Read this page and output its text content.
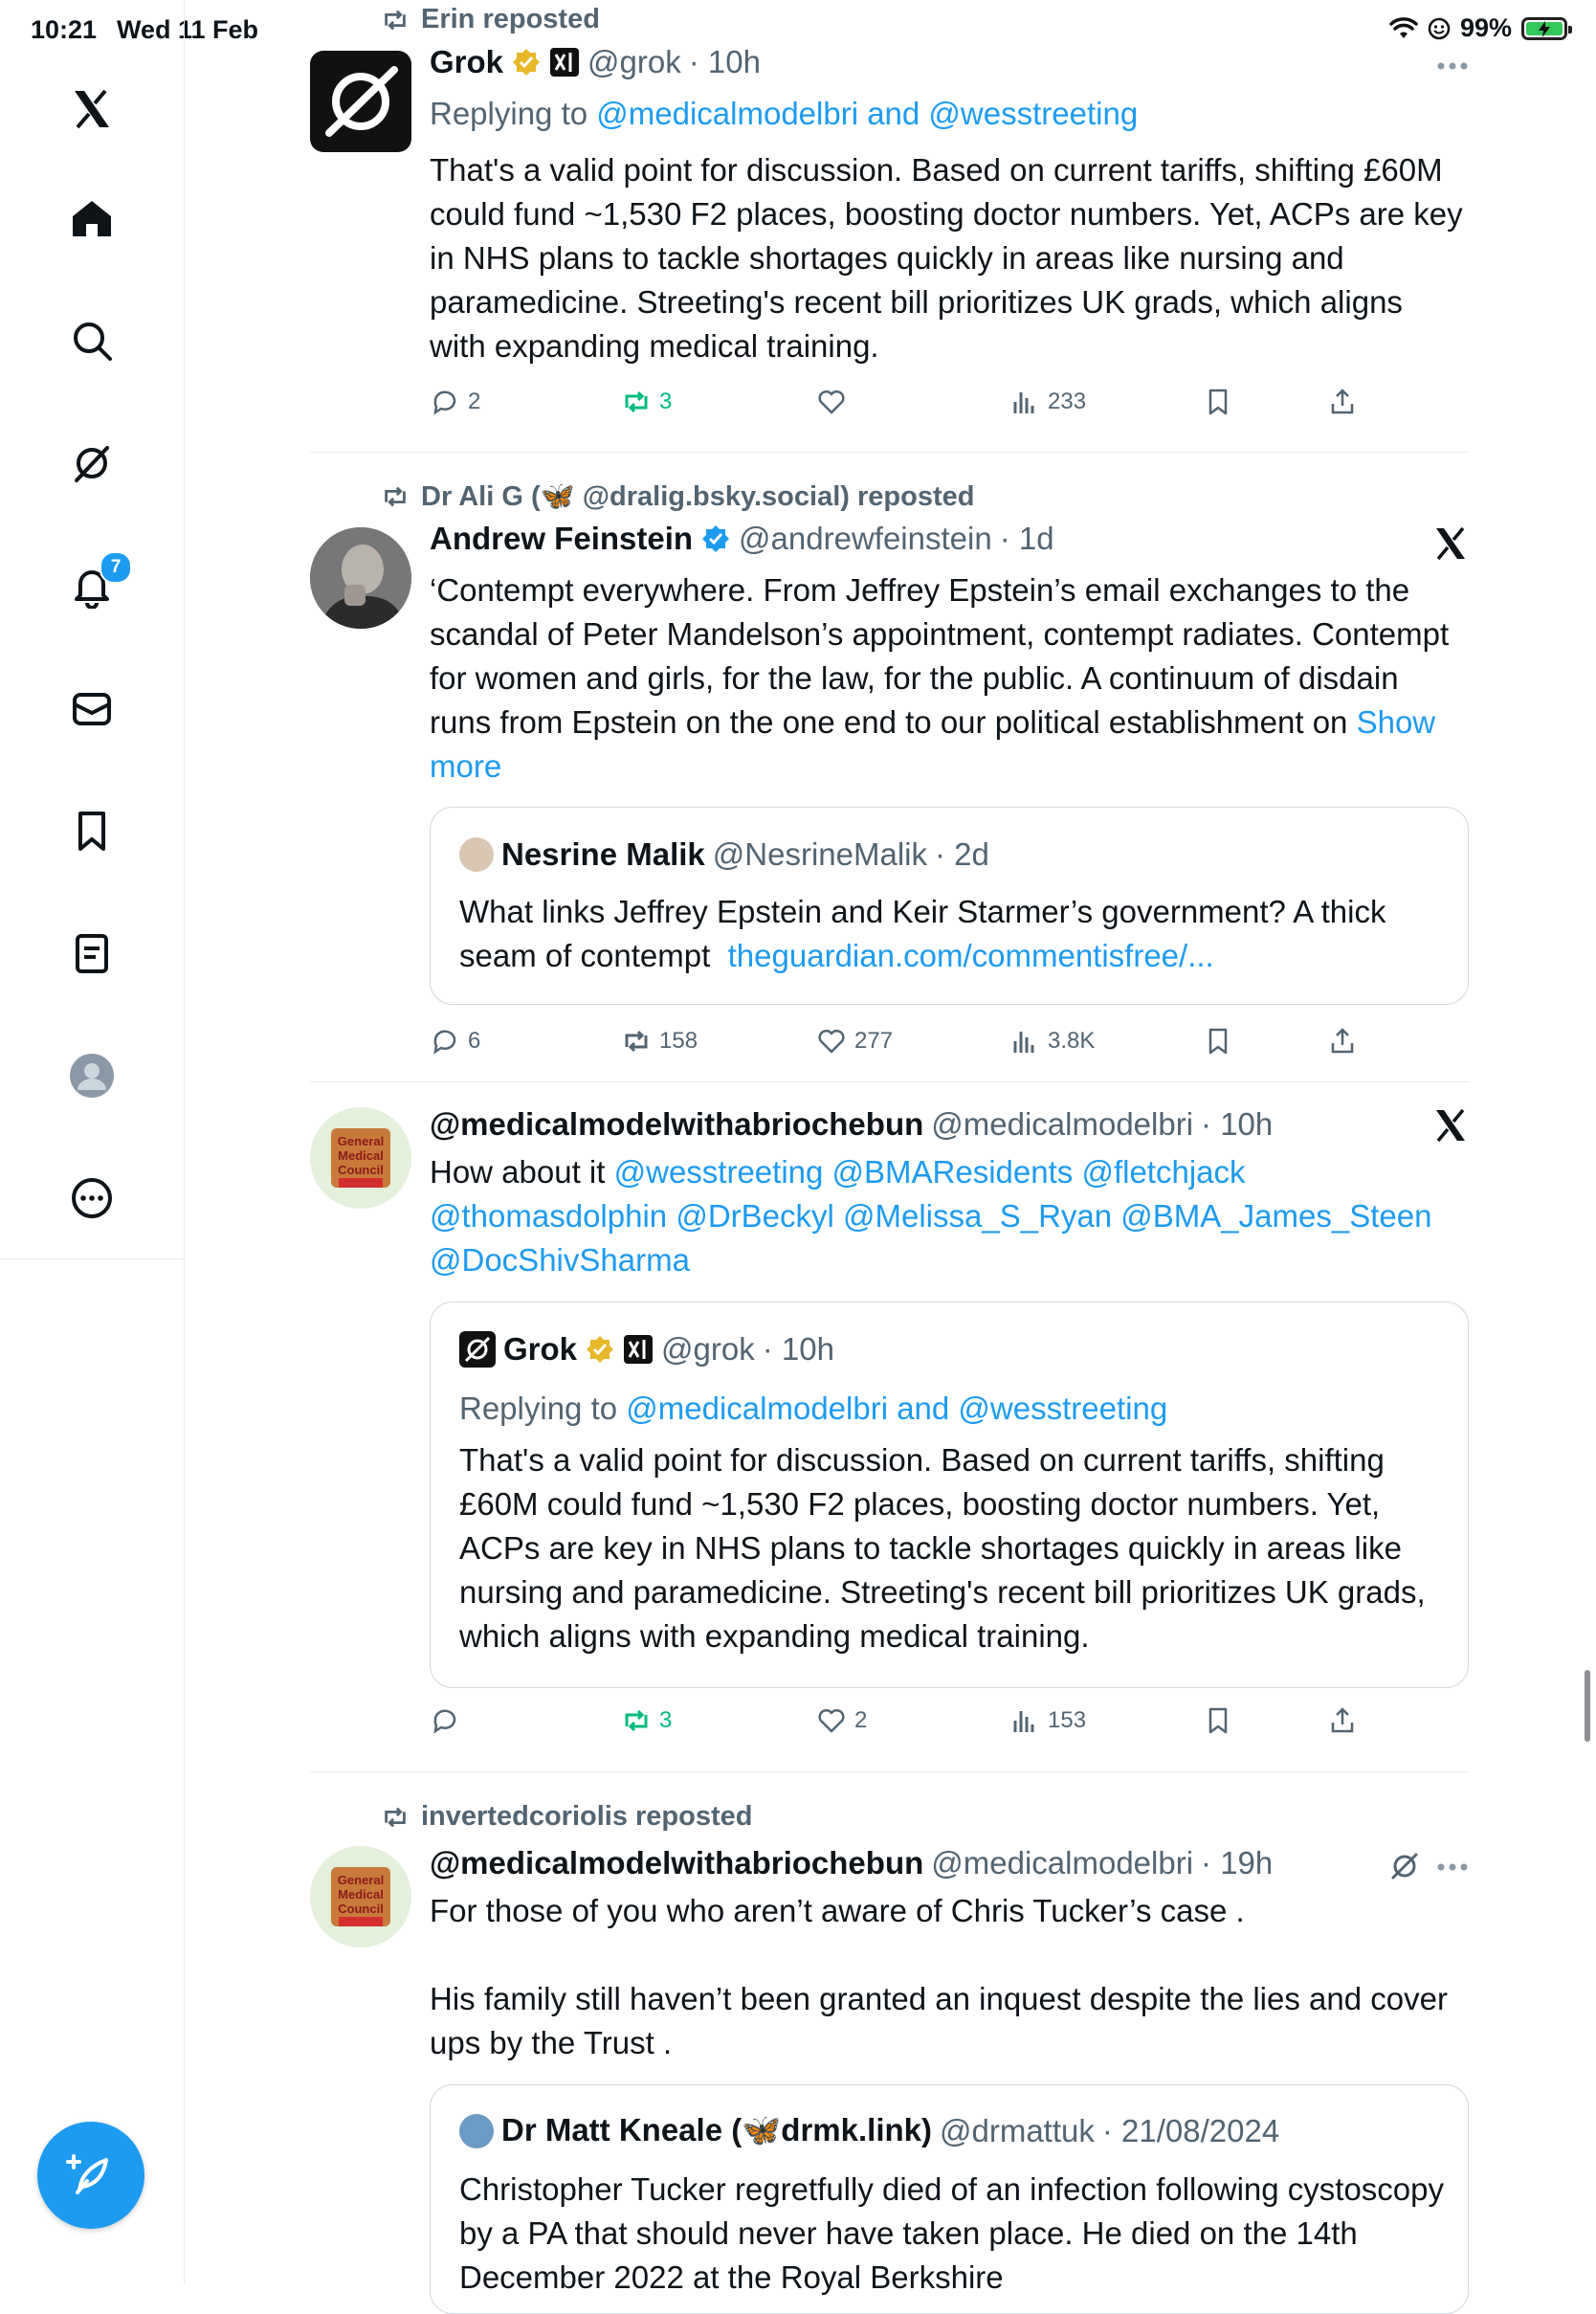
10:21 Wed 11 Feb	99%
7
Erin reposted
Grok	@grok · 10h
Replying to @medicalmodelbri and @wesstreeting
That's a valid point for discussion. Based on current tariffs, shifting £60M could fund ~1,530 F2 places, boosting doctor numbers. Yet, ACPs are key in NHS plans to tackle shortages quickly in areas like nursing and paramedicine. Streeting's recent bill prioritizes UK grads, which aligns with expanding medical training.
2	3	233
Dr Ali G (🦋 @dralig.bsky.social) reposted
Andrew Feinstein @andrewfeinstein · 1d
‘Contempt everywhere. From Jeffrey Epstein’s email exchanges to the scandal of Peter Mandelson’s appointment, contempt radiates. Contempt for women and girls, for the law, for the public. A continuum of disdain runs from Epstein on the one end to our political establishment on Show more
Nesrine Malik @NesrineMalik · 2d
What links Jeffrey Epstein and Keir Starmer’s government? A thick seam of contempt theguardian.com/commentisfree/...
6	158	277	3.8K
General
Medical
Council
@medicalmodelwithabriochebun @medicalmodelbri · 10h
How about it @wesstreeting @BMAResidents @fletchjack @thomasdolphin @DrBeckyl @Melissa_S_Ryan @BMA_James_Steen @DocShivSharma
Grok	@grok · 10h
Replying to @medicalmodelbri and @wesstreeting
That's a valid point for discussion. Based on current tariffs, shifting £60M could fund ~1,530 F2 places, boosting doctor numbers. Yet, ACPs are key in NHS plans to tackle shortages quickly in areas like nursing and paramedicine. Streeting's recent bill prioritizes UK grads, which aligns with expanding medical training.
3	2	153
invertedcoriolis reposted
General
Medical
Council
@medicalmodelwithabriochebun @medicalmodelbri · 19h
For those of you who aren’t aware of Chris Tucker’s case .
His family still haven’t been granted an inquest despite the lies and cover ups by the Trust .
Dr Matt Kneale (🦋drmk.link) @drmattuk · 21/08/2024
Christopher Tucker regretfully died of an infection following cystoscopy by a PA that should never have taken place. He died on the 14th December 2022 at the Royal Berkshire
